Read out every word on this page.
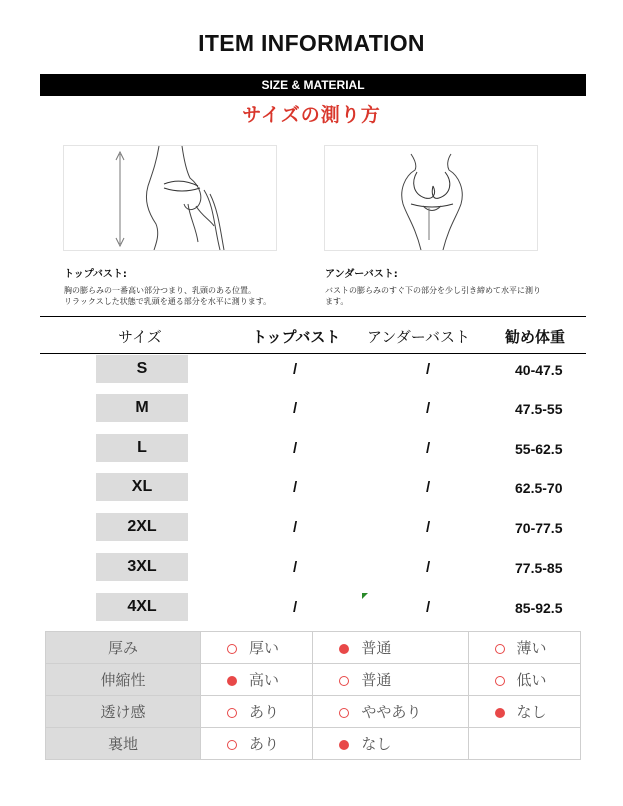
ITEM INFORMATION
SIZE & MATERIAL
サイズの測り方
トップバスト:
胸の膨らみの一番高い部分つまり、乳頭のある位置。
リラックスした状態で乳頭を通る部分を水平に測ります。
アンダーバスト:
バストの膨らみのすぐ下の部分を少し引き締めて水平に測り
ます。
サイズ	トップバスト アンダーバスト 勧め体重
S	/	/	40-47.5
M	/	/	47.5-55
L	/	/	55-62.5
XL	/	/	62.5-70
2XL	/	/	70-77.5
3XL	/	/	77.5-85
4XL	/	/	85-92.5
厚み	厚い	普通	薄い
伸縮性	高い	普通	低い
透け感	あり	ややあり	なし
裏地	あり	なし	
